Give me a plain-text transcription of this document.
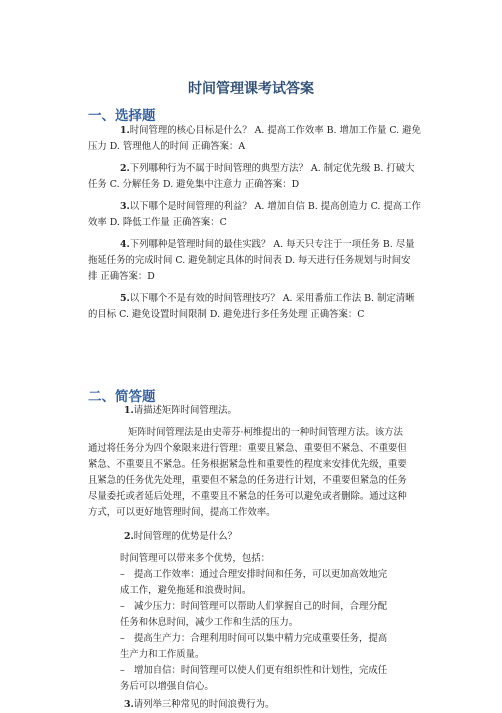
时间管理课考试答案
一、选择题

1.时间管理的核心目标是什么？ A. 提高工作效率 B. 增加工作量 C. 避免

压力 D. 管理他人的时间 正确答案：A

2.下列哪种行为不属于时间管理的典型方法？ A. 制定优先级 B. 打破大

任务 C. 分解任务 D. 避免集中注意力 正确答案：D

3.以下哪个是时间管理的利益？ A. 增加自信 B. 提高创造力 C. 提高工作

效率 D. 降低工作量 正确答案：C

4.下列哪种是管理时间的最佳实践？ A. 每天只专注于一项任务 B. 尽量

拖延任务的完成时间 C. 避免制定具体的时间表 D. 每天进行任务规划与时间安

排 正确答案：D

5.以下哪个不是有效的时间管理技巧？ A. 采用番茄工作法 B. 制定清晰

的目标 C. 避免设置时间限制 D. 避免进行多任务处理 正确答案：C

二、简答题

1.请描述矩阵时间管理法。

矩阵时间管理法是由史蒂芬·柯维提出的一种时间管理方法。该方法

通过将任务分为四个象限来进行管理：重要且紧急、重要但不紧急、不重要但

紧急、不重要且不紧急。任务根据紧急性和重要性的程度来安排优先级，重要

且紧急的任务优先处理，重要但不紧急的任务进行计划，不重要但紧急的任务

尽量委托或者延后处理，不重要且不紧急的任务可以避免或者删除。通过这种

方式，可以更好地管理时间，提高工作效率。

2.时间管理的优势是什么？

时间管理可以带来多个优势，包括：

– 提高工作效率：通过合理安排时间和任务，可以更加高效地完

成工作，避免拖延和浪费时间。

– 减少压力：时间管理可以帮助人们掌握自己的时间，合理分配

任务和休息时间，减少工作和生活的压力。

– 提高生产力：合理利用时间可以集中精力完成重要任务，提高

生产力和工作质量。

– 增加自信：时间管理可以使人们更有组织性和计划性，完成任

务后可以增强自信心。

3.请列举三种常见的时间浪费行为。
